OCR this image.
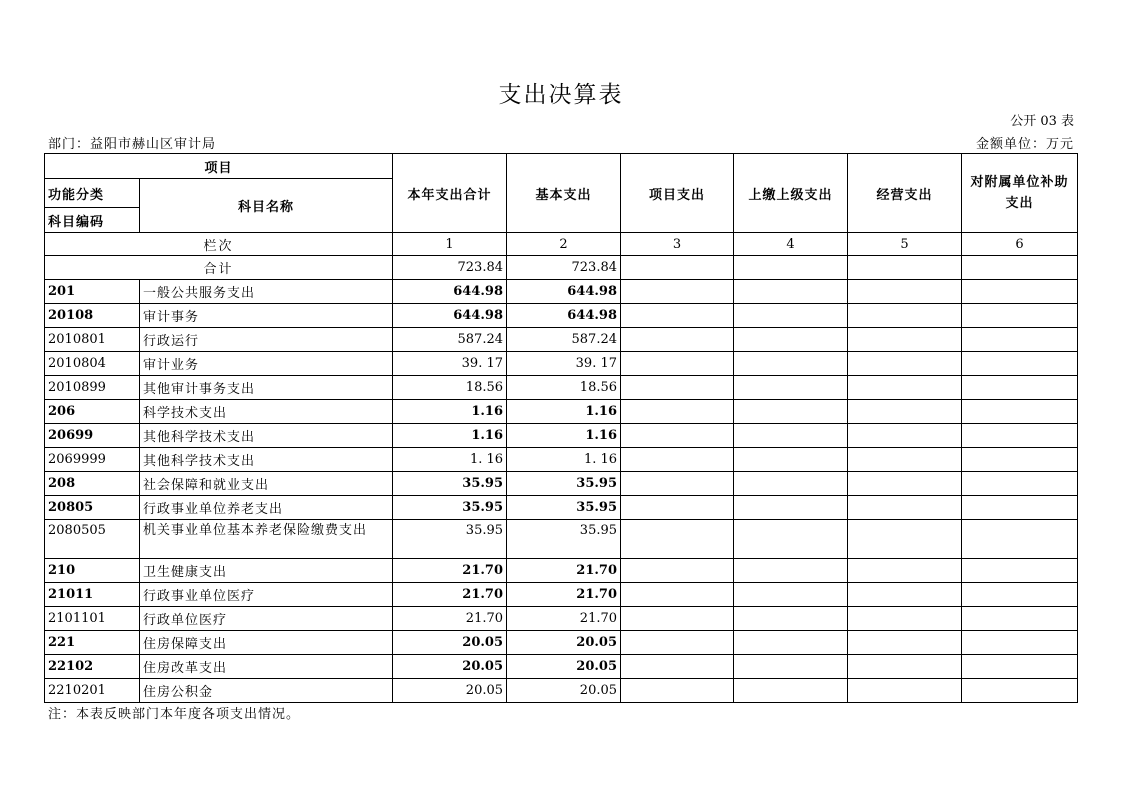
支出决算表
公开 03 表
部门：益阳市赫山区审计局	金额单位：万元
项目		本年支出合计	基本支出	项目支出	上缴上级支出	经营支出	对附属单位补助支出
功能分类	科目名称						
科目编码							
栏次		1	2	3	4	5	6
合计		723.84	723.84				
201	一般公共服务支出	644.98	644.98				
20108	审计事务	644.98	644.98				
2010801	行政运行	587.24	587.24				
2010804	审计业务	39. 17	39. 17				
2010899	其他审计事务支出	18.56	18.56				
206	科学技术支出	1.16	1.16				
20699	其他科学技术支出	1.16	1.16				
2069999	其他科学技术支出	1. 16	1. 16				
208	社会保障和就业支出	35.95	35.95				
20805	行政事业单位养老支出	35.95	35.95				
2080505	机关事业单位基本养老保险缴费支出	35.95	35.95				
210	卫生健康支出	21.70	21.70				
21011	行政事业单位医疗	21.70	21.70				
2101101	行政单位医疗	21.70	21.70				
221	住房保障支出	20.05	20.05				
22102	住房改革支出	20.05	20.05				
2210201	住房公积金	20.05	20.05				
注：本表反映部门本年度各项支出情况。
